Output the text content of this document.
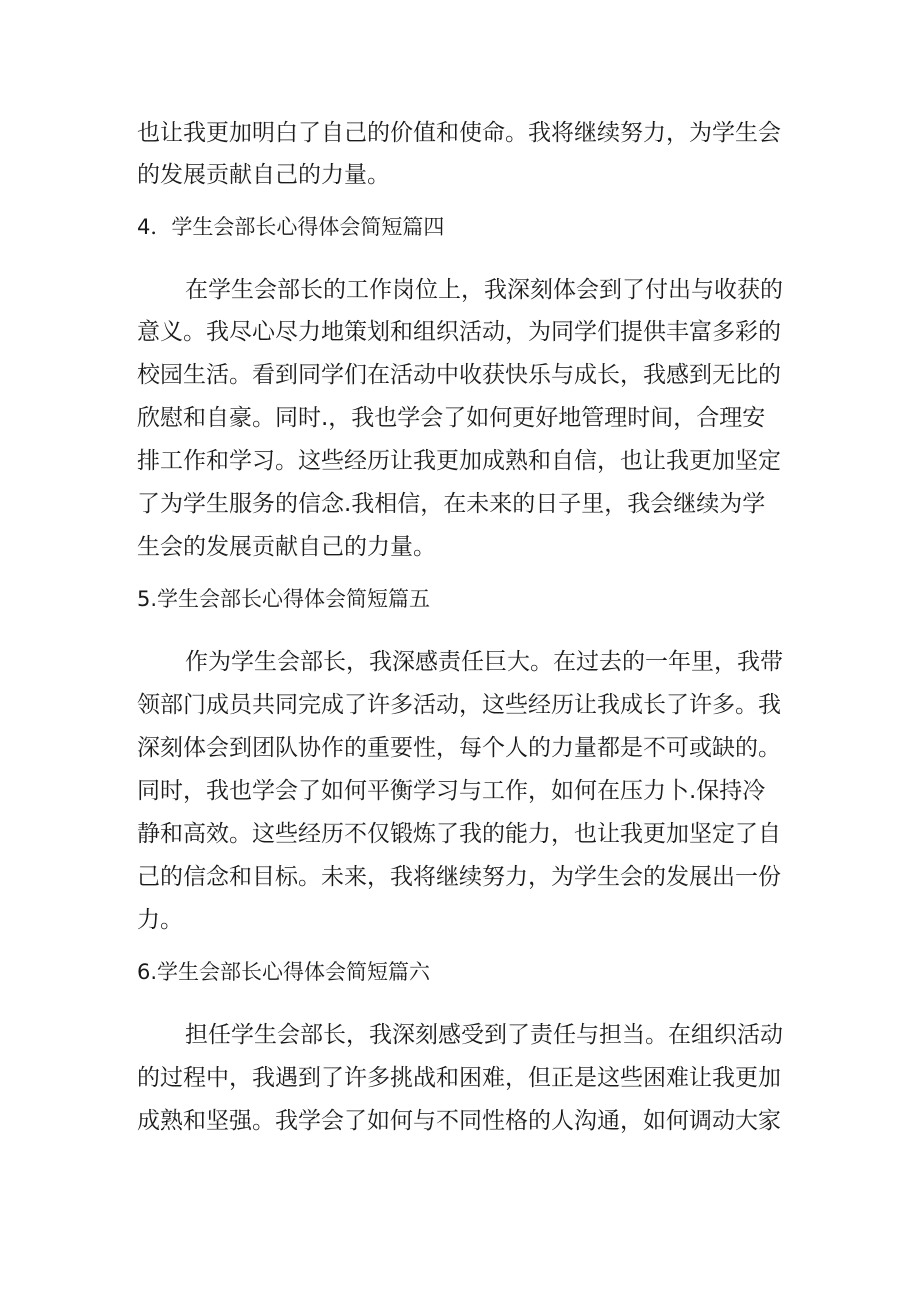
也让我更加明白了自己的价值和使命。我将继续努力，为学生会
的发展贡献自己的力量。
4．学生会部长心得体会简短篇四
在学生会部长的工作岗位上，我深刻体会到了付出与收获的
意义。我尽心尽力地策划和组织活动，为同学们提供丰富多彩的
校园生活。看到同学们在活动中收获快乐与成长，我感到无比的
欣慰和自豪。同时.，我也学会了如何更好地管理时间，合理安
排工作和学习。这些经历让我更加成熟和自信，也让我更加坚定
了为学生服务的信念.我相信，在未来的日子里，我会继续为学
生会的发展贡献自己的力量。
5.学生会部长心得体会简短篇五
作为学生会部长，我深感责任巨大。在过去的一年里，我带
领部门成员共同完成了许多活动，这些经历让我成长了许多。我
深刻体会到团队协作的重要性，每个人的力量都是不可或缺的。
同时，我也学会了如何平衡学习与工作，如何在压力卜.保持冷
静和高效。这些经历不仅锻炼了我的能力，也让我更加坚定了自
己的信念和目标。未来，我将继续努力，为学生会的发展出一份
力。
6.学生会部长心得体会简短篇六
担任学生会部长，我深刻感受到了责任与担当。在组织活动
的过程中，我遇到了许多挑战和困难，但正是这些困难让我更加
成熟和坚强。我学会了如何与不同性格的人沟通，如何调动大家
